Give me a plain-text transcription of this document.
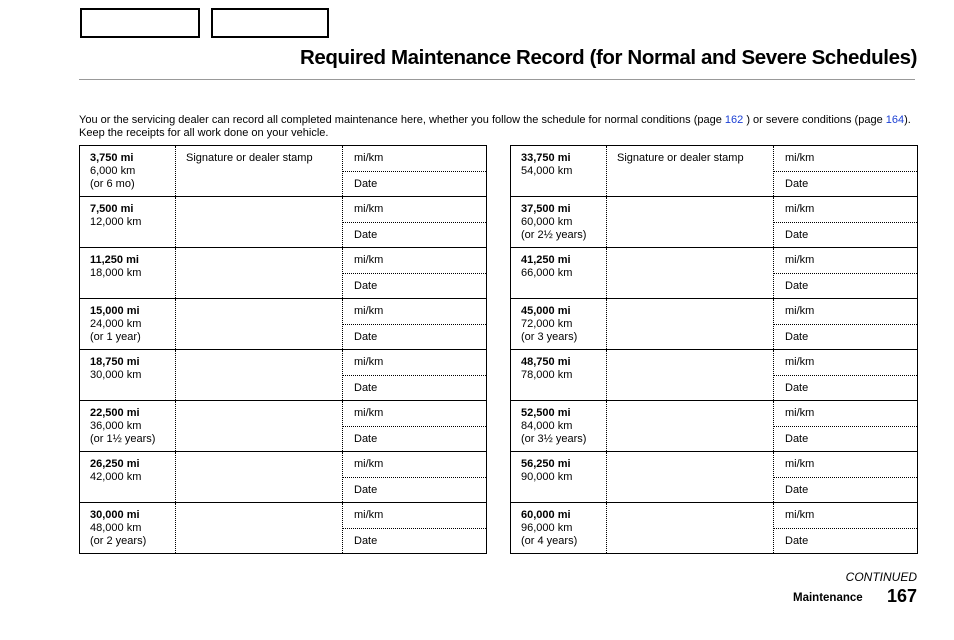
Required Maintenance Record (for Normal and Severe Schedules)
You or the servicing dealer can record all completed maintenance here, whether you follow the schedule for normal conditions (page 162 ) or severe conditions (page 164). Keep the receipts for all work done on your vehicle.
3,750 mi
6,000 km
(or 6 mo)
Signature or dealer stamp	mi/km
Date
7,500 mi
12,000 km
mi/km
Date
11,250 mi
18,000 km
mi/km
Date
15,000 mi
24,000 km
(or 1 year)
mi/km
Date
18,750 mi
30,000 km
mi/km
Date
22,500 mi
36,000 km
(or 1½ years)
mi/km
Date
26,250 mi
42,000 km
mi/km
Date
30,000 mi
48,000 km
(or 2 years)
mi/km
Date
33,750 mi
54,000 km
Signature or dealer stamp	mi/km
Date
37,500 mi
60,000 km
(or 2½ years)
mi/km
Date
41,250 mi
66,000 km
mi/km
Date
45,000 mi
72,000 km
(or 3 years)
mi/km
Date
48,750 mi
78,000 km
mi/km
Date
52,500 mi
84,000 km
(or 3½ years)
mi/km
Date
56,250 mi
90,000 km
mi/km
Date
60,000 mi
96,000 km
(or 4 years)
mi/km
Date
CONTINUED
Maintenance 167
